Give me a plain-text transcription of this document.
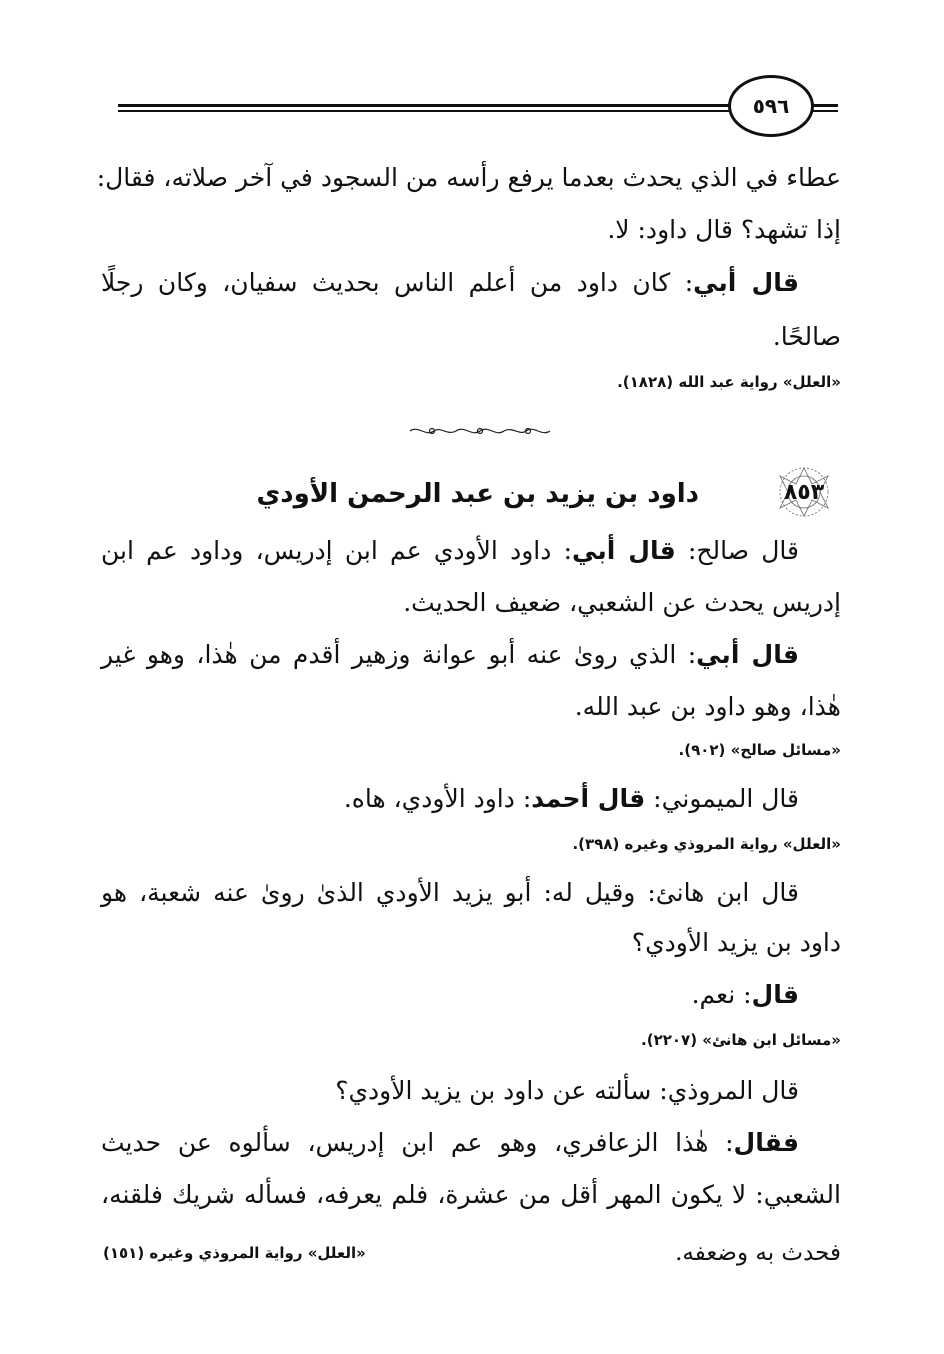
٥٩٦
عطاء في الذي يحدث بعدما يرفع رأسه من السجود في آخر صلاته، فقال:
إذا تشهد؟ قال داود: لا.
قال أبي: كان داود من أعلم الناس بحديث سفيان، وكان رجلًا
صالحًا.
«العلل» رواية عبد الله (١٨٢٨).
٨٥٣
داود بن يزيد بن عبد الرحمن الأودي
قال صالح: قال أبي: داود الأودي عم ابن إدريس، وداود عم ابن
إدريس يحدث عن الشعبي، ضعيف الحديث.
قال أبي: الذي روىٰ عنه أبو عوانة وزهير أقدم من هٰذا، وهو غير
هٰذا، وهو داود بن عبد الله.
«مسائل صالح» (٩٠٢).
قال الميموني: قال أحمد: داود الأودي، هاه.
«العلل» رواية المروذي وغيره (٣٩٨).
قال ابن هانئ: وقيل له: أبو يزيد الأودي الذىٰ روىٰ عنه شعبة، هو
داود بن يزيد الأودي؟
قال: نعم.
«مسائل ابن هانئ» (٢٢٠٧).
قال المروذي: سألته عن داود بن يزيد الأودي؟
فقال: هٰذا الزعافري، وهو عم ابن إدريس، سألوه عن حديث
الشعبي: لا يكون المهر أقل من عشرة، فلم يعرفه، فسأله شريك فلقنه،
فحدث به وضعفه.
«العلل» رواية المروذي وغيره (١٥١)
